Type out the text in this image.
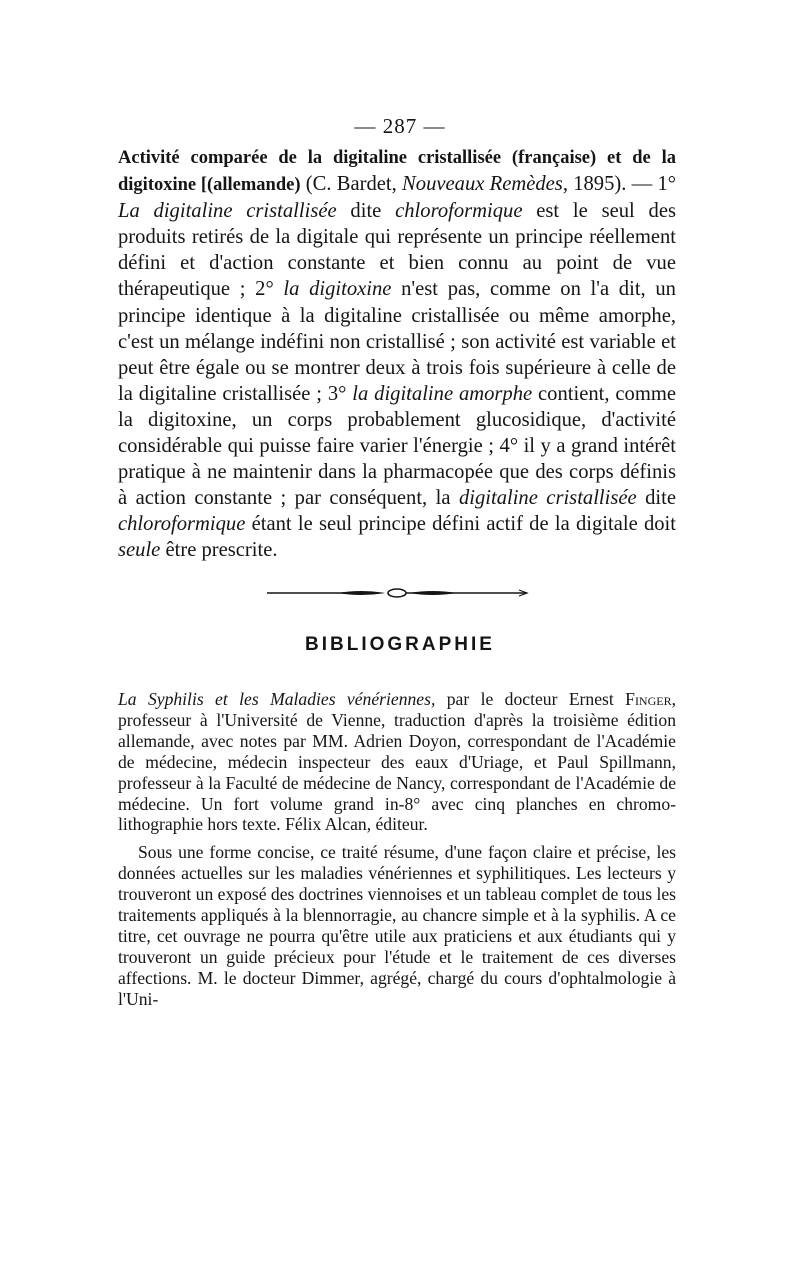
— 287 —

Activité comparée de la digitaline cristallisée (française) et de la digitoxine [(allemande) (C. Bardet, Nouveaux Remèdes, 1895). — 1° La digitaline cristallisée dite chloroformique est le seul des produits retirés de la digitale qui représente un principe réellement défini et d'action constante et bien connu au point de vue thérapeutique ; 2° la digitoxine n'est pas, comme on l'a dit, un principe identique à la digitaline cristallisée ou même amorphe, c'est un mélange indéfini non cristallisé ; son activité est variable et peut être égale ou se montrer deux à trois fois supérieure à celle de la digitaline cristallisée ; 3° la digitaline amorphe contient, comme la digitoxine, un corps probablement glucosidique, d'activité considérable qui puisse faire varier l'énergie ; 4° il y a grand intérêt pratique à ne maintenir dans la pharmacopée que des corps définis à action constante ; par conséquent, la digitaline cristallisée dite chloroformique étant le seul principe défini actif de la digitale doit seule être prescrite.

BIBLIOGRAPHIE

La Syphilis et les Maladies vénériennes, par le docteur Ernest Finger, professeur à l'Université de Vienne, traduction d'après la troisième édition allemande, avec notes par MM. Adrien Doyon, correspondant de l'Académie de médecine, médecin inspecteur des eaux d'Uriage, et Paul Spillmann, professeur à la Faculté de médecine de Nancy, correspondant de l'Académie de médecine. Un fort volume grand in-8° avec cinq planches en chromo-lithographie hors texte. Félix Alcan, éditeur.

Sous une forme concise, ce traité résume, d'une façon claire et précise, les données actuelles sur les maladies vénériennes et syphilitiques. Les lecteurs y trouveront un exposé des doctrines viennoises et un tableau complet de tous les traitements appliqués à la blennorragie, au chancre simple et à la syphilis. A ce titre, cet ouvrage ne pourra qu'être utile aux praticiens et aux étudiants qui y trouveront un guide précieux pour l'étude et le traitement de ces diverses affections. M. le docteur Dimmer, agrégé, chargé du cours d'ophtalmologie à l'Uni-
